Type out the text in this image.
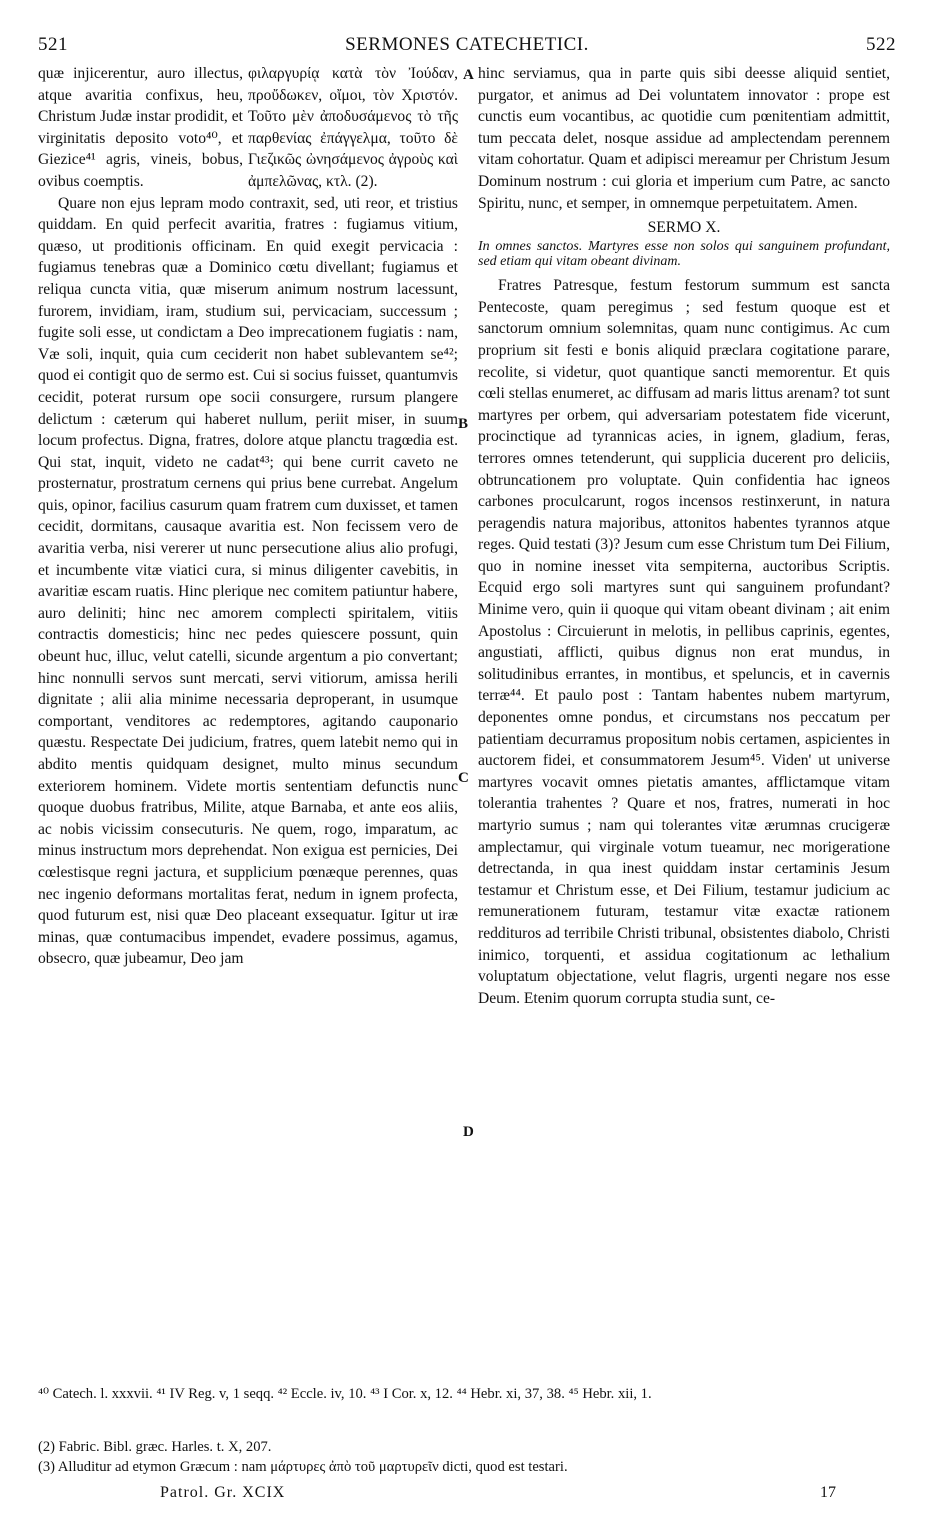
521	SERMONES CATECHETICI.	522

quæ injicerentur, auro illectus, atque avaritia confixus, heu, Christum Judæ instar prodidit, et virginitatis deposito voto⁴⁰, et Giezice⁴¹ agris, vineis, bobus, ovibus coemptis.

φιλαργυρίᾳ κατὰ τὸν Ἰούδαν, προὔδωκεν, οἴμοι, τὸν Χριστόν. Τοῦτο μὲν ἀποδυσάμενος τὸ τῆς παρθενίας ἐπάγγελμα, τοῦτο δὲ Γιεζικῶς ὠνησάμενος ἀγροὺς καὶ ἀμπελῶνας, κτλ. (2).

Quare non ejus lepram modo contraxit, sed, uti reor, et tristius quiddam. En quid perfecit avaritia, fratres : fugiamus vitium, quæso, ut proditionis officinam. En quid exegit pervicacia : fugiamus tenebras quæ a Dominico cœtu divellant; fugiamus et reliqua cuncta vitia, quæ miserum animum nostrum lacessunt, furorem, invidiam, iram, studium sui, pervicaciam, successum ; fugite soli esse, ut condictam a Deo imprecationem fugiatis : nam, Væ soli, inquit, quia cum ceciderit non habet sublevantem se⁴²; quod ei contigit quo de sermo est. Cui si socius fuisset, quantumvis cecidit, poterat rursum ope socii consurgere, rursum plangere delictum : cæterum qui haberet nullum, periit miser, in suum locum profectus. Digna, fratres, dolore atque planctu tragœdia est. Qui stat, inquit, videto ne cadat⁴³; qui bene currit caveto ne prosternatur, prostratum cernens qui prius bene currebat. Angelum quis, opinor, facilius casurum quam fratrem cum duxisset, et tamen cecidit, dormitans, causaque avaritia est. Non fecissem vero de avaritia verba, nisi vererer ut nunc persecutione alius alio profugi, et incumbente vitæ viatici cura, si minus diligenter cavebitis, in avaritiæ escam ruatis. Hinc plerique nec comitem patiuntur habere, auro deliniti; hinc nec amorem complecti spiritalem, vitiis contractis domesticis; hinc nec pedes quiescere possunt, quin obeunt huc, illuc, velut catelli, sicunde argentum a pio convertant; hinc nonnulli servos sunt mercati, servi vitiorum, amissa herili dignitate ; alii alia minime necessaria deproperant, in usumque comportant, venditores ac redemptores, agitando cauponario quæstu. Respectate Dei judicium, fratres, quem latebit nemo qui in abdito mentis quidquam designet, multo minus secundum exteriorem hominem. Videte mortis sententiam defunctis nunc quoque duobus fratribus, Milite, atque Barnaba, et ante eos aliis, ac nobis vicissim consecuturis. Ne quem, rogo, imparatum, ac minus instructum mors deprehendat. Non exigua est pernicies, Dei cœlestisque regni jactura, et supplicium pœnæque perennes, quas nec ingenio deformans mortalitas ferat, nedum in ignem profecta, quod futurum est, nisi quæ Deo placeant exsequatur. Igitur ut iræ minas, quæ contumacibus impendet, evadere possimus, agamus, obsecro, quæ jubeamur, Deo jam

hinc serviamus, qua in parte quis sibi deesse aliquid sentiet, purgator, et animus ad Dei voluntatem innovator : prope est cunctis eum vocantibus, ac quotidie cum pœnitentiam admittit, tum peccata delet, nosque assidue ad amplectendam perennem vitam cohortatur. Quam et adipisci mereamur per Christum Jesum Dominum nostrum : cui gloria et imperium cum Patre, ac sancto Spiritu, nunc, et semper, in omnemque perpetuitatem. Amen.

SERMO X.
In omnes sanctos. Martyres esse non solos qui sanguinem profundant, sed etiam qui vitam obeant divinam.

Fratres Patresque, festum festorum summum est sancta Pentecoste, quam peregimus ; sed festum quoque est et sanctorum omnium solemnitas, quam nunc contigimus. Ac cum proprium sit festi e bonis aliquid præclara cogitatione parare, recolite, si videtur, quot quantique sancti memorentur. Et quis cœli stellas enumeret, ac diffusam ad maris littus arenam? tot sunt martyres per orbem, qui adversariam potestatem fide vicerunt, procinctique ad tyrannicas acies, in ignem, gladium, feras, terrores omnes tetenderunt, qui supplicia ducerent pro deliciis, obtruncationem pro voluptate. Quin confidentia hac igneos carbones proculcarunt, rogos incensos restinxerunt, in natura peragendis natura majoribus, attonitos habentes tyrannos atque reges. Quid testati (3)? Jesum cum esse Christum tum Dei Filium, quo in nomine inesset vita sempiterna, auctoribus Scriptis. Ecquid ergo soli martyres sunt qui sanguinem profundant? Minime vero, quin ii quoque qui vitam obeant divinam ; ait enim Apostolus : Circuierunt in melotis, in pellibus caprinis, egentes, angustiati, afflicti, quibus dignus non erat mundus, in solitudinibus errantes, in montibus, et speluncis, et in cavernis terræ⁴⁴. Et paulo post : Tantam habentes nubem martyrum, deponentes omne pondus, et circumstans nos peccatum per patientiam decurramus propositum nobis certamen, aspicientes in auctorem fidei, et consummatorem Jesum⁴⁵. Viden' ut universe martyres vocavit omnes pietatis amantes, afflictamque vitam tolerantia trahentes ? Quare et nos, fratres, numerati in hoc martyrio sumus ; nam qui tolerantes vitæ ærumnas crucigeræ amplectamur, qui virginale votum tueamur, nec morigeratione detrectanda, in qua inest quiddam instar certaminis Jesum testamur et Christum esse, et Dei Filium, testamur judicium ac remunerationem futuram, testamur vitæ exactæ rationem reddituros ad terribile Christi tribunal, obsistentes diabolo, Christi inimico, torquenti, et assidua cogitationum ac lethalium voluptatum objectatione, velut flagris, urgenti negare nos esse Deum. Etenim quorum corrupta studia sunt, ce-

A
B
C
D
⁴⁰ Catech. l. xxxvii. ⁴¹ IV Reg. v, 1 seqq. ⁴² Eccle. iv, 10. ⁴³ I Cor. x, 12. ⁴⁴ Hebr. xi, 37, 38. ⁴⁵ Hebr. xii, 1.
(2) Fabric. Bibl. græc. Harles. t. X, 207.
(3) Alluditur ad etymon Græcum : nam μάρτυρες ἀπὸ τοῦ μαρτυρεῖν dicti, quod est testari.
Patrol. Gr. XCIX	17
